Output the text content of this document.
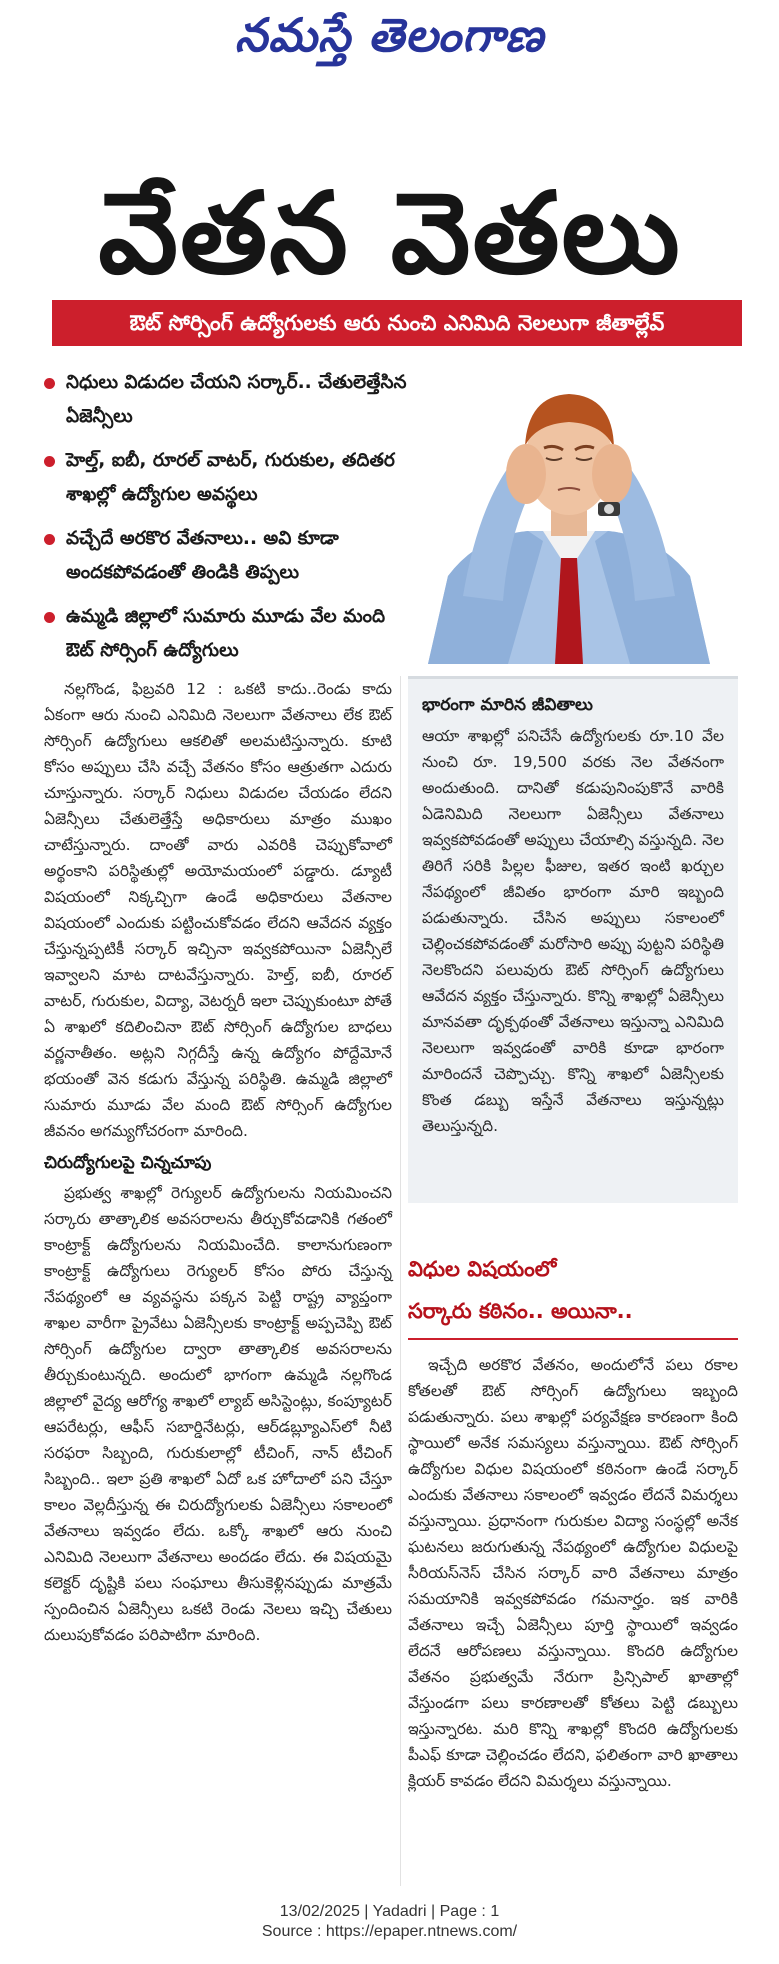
నమస్తే తెలంగాణ
వేతన వెతలు
ఔట్ సోర్సింగ్ ఉద్యోగులకు ఆరు నుంచి ఎనిమిది నెలలుగా జీతాల్లేవ్
నిధులు విడుదల చేయని సర్కార్.. చేతులెత్తేసిన ఏజెన్సీలు
హెల్త్, ఐబీ, రూరల్ వాటర్, గురుకుల, తదితర శాఖల్లో ఉద్యోగుల అవస్థలు
వచ్చేదే అరకొర వేతనాలు.. అవి కూడా అందకపోవడంతో తిండికి తిప్పలు
ఉమ్మడి జిల్లాలో సుమారు మూడు వేల మంది ఔట్ సోర్సింగ్ ఉద్యోగులు
నల్లగొండ, ఫిబ్రవరి 12 : ఒకటి కాదు..రెండు కాదు ఏకంగా ఆరు నుంచి ఎనిమిది నెలలుగా వేతనాలు లేక ఔట్ సోర్సింగ్ ఉద్యోగులు ఆకలితో అలమటిస్తున్నారు. కూటి కోసం అప్పులు చేసి వచ్చే వేతనం కోసం ఆత్రుతగా ఎదురు చూస్తున్నారు. సర్కార్ నిధులు విడుదల చేయడం లేదని ఏజెన్సీలు చేతులెత్తేస్తే అధికారులు మాత్రం ముఖం చాటేస్తున్నారు. దాంతో వారు ఎవరికి చెప్పుకోవాలో అర్థంకాని పరిస్థితుల్లో అయోమయంలో పడ్డారు. డ్యూటీ విషయంలో నిక్కచ్చిగా ఉండే అధికారులు వేతనాల విషయంలో ఎందుకు పట్టించుకోవడం లేదని ఆవేదన వ్యక్తం చేస్తున్నప్పటికీ సర్కార్ ఇచ్చినా ఇవ్వకపోయినా ఏజెన్సీలే ఇవ్వాలని మాట దాటవేస్తున్నారు. హెల్త్, ఐబీ, రూరల్ వాటర్, గురుకుల, విద్యా, వెటర్నరీ ఇలా చెప్పుకుంటూ పోతే ఏ శాఖలో కదిలించినా ఔట్ సోర్సింగ్ ఉద్యోగుల బాధలు వర్ణనాతీతం. అట్లని నిగ్గదీస్తే ఉన్న ఉద్యోగం పోద్దేమోనే భయంతో వెన కడుగు వేస్తున్న పరిస్థితి. ఉమ్మడి జిల్లాలో సుమారు మూడు వేల మంది ఔట్ సోర్సింగ్ ఉద్యోగుల జీవనం అగమ్యగోచరంగా మారింది.
చిరుద్యోగులపై చిన్నచూపు
ప్రభుత్వ శాఖల్లో రెగ్యులర్ ఉద్యోగులను నియమించని సర్కారు తాత్కాలిక అవసరాలను తీర్చుకోవడానికి గతంలో కాంట్రాక్ట్ ఉద్యోగులను నియమించేది. కాలానుగుణంగా కాంట్రాక్ట్ ఉద్యోగులు రెగ్యులర్ కోసం పోరు చేస్తున్న నేపథ్యంలో ఆ వ్యవస్థను పక్కన పెట్టి రాష్ట్ర వ్యాప్తంగా శాఖల వారీగా ప్రైవేటు ఏజెన్సీలకు కాంట్రాక్ట్ అప్పచెప్పి ఔట్ సోర్సింగ్ ఉద్యోగుల ద్వారా తాత్కాలిక అవసరాలను తీర్చుకుంటున్నది. అందులో భాగంగా ఉమ్మడి నల్లగొండ జిల్లాలో వైద్య ఆరోగ్య శాఖలో ల్యాబ్ అసిస్టెంట్లు, కంప్యూటర్ ఆపరేటర్లు, ఆఫీస్ సబార్డినేటర్లు, ఆర్‌డబ్ల్యూఎస్‌లో నీటి సరఫరా సిబ్బంది, గురుకులాల్లో టీచింగ్, నాన్ టీచింగ్ సిబ్బంది.. ఇలా ప్రతి శాఖలో ఏదో ఒక హోదాలో పని చేస్తూ కాలం వెల్లదీస్తున్న ఈ చిరుద్యోగులకు ఏజెన్సీలు సకాలంలో వేతనాలు ఇవ్వడం లేదు. ఒక్కో శాఖలో ఆరు నుంచి ఎనిమిది నెలలుగా వేతనాలు అందడం లేదు. ఈ విషయమై కలెక్టర్ దృష్టికి పలు సంఘాలు తీసుకెళ్లినప్పుడు మాత్రమే స్పందించిన ఏజెన్సీలు ఒకటి రెండు నెలలు ఇచ్చి చేతులు దులుపుకోవడం పరిపాటిగా మారింది.
భారంగా మారిన జీవితాలు
ఆయా శాఖల్లో పనిచేసే ఉద్యోగులకు రూ.10 వేల నుంచి రూ. 19,500 వరకు నెల వేతనంగా అందుతుంది. దానితో కడుపునింపుకొనే వారికి ఏడెనిమిది నెలలుగా ఏజెన్సీలు వేతనాలు ఇవ్వకపోవడంతో అప్పులు చేయాల్సి వస్తున్నది. నెల తిరిగే సరికి పిల్లల ఫీజుల, ఇతర ఇంటి ఖర్చుల నేపథ్యంలో జీవితం భారంగా మారి ఇబ్బంది పడుతున్నారు. చేసిన అప్పులు సకాలంలో చెల్లించకపోవడంతో మరోసారి అప్పు పుట్టని పరిస్థితి నెలకొందని పలువురు ఔట్ సోర్సింగ్ ఉద్యోగులు ఆవేదన వ్యక్తం చేస్తున్నారు. కొన్ని శాఖల్లో ఏజెన్సీలు మానవతా దృక్పథంతో వేతనాలు ఇస్తున్నా ఎనిమిది నెలలుగా ఇవ్వడంతో వారికి కూడా భారంగా మారిందనే చెప్పొచ్చు. కొన్ని శాఖలో ఏజెన్సీలకు కొంత డబ్బు ఇస్తేనే వేతనాలు ఇస్తున్నట్లు తెలుస్తున్నది.
విధుల విషయంలో
సర్కారు కఠినం.. అయినా..
ఇచ్చేది అరకొర వేతనం, అందులోనే పలు రకాల కోతలతో ఔట్ సోర్సింగ్ ఉద్యోగులు ఇబ్బంది పడుతున్నారు. పలు శాఖల్లో పర్యవేక్షణ కారణంగా కింది స్థాయిలో అనేక సమస్యలు వస్తున్నాయి. ఔట్ సోర్సింగ్ ఉద్యోగుల విధుల విషయంలో కఠినంగా ఉండే సర్కార్ ఎందుకు వేతనాలు సకాలంలో ఇవ్వడం లేదనే విమర్శలు వస్తున్నాయి. ప్రధానంగా గురుకుల విద్యా సంస్థల్లో అనేక ఘటనలు జరుగుతున్న నేపథ్యంలో ఉద్యోగుల విధులపై సీరియస్‌నెస్ చేసిన సర్కార్ వారి వేతనాలు మాత్రం సమయానికి ఇవ్వకపోవడం గమనార్హం. ఇక వారికి వేతనాలు ఇచ్చే ఏజెన్సీలు పూర్తి స్థాయిలో ఇవ్వడం లేదనే ఆరోపణలు వస్తున్నాయి. కొందరి ఉద్యోగుల వేతనం ప్రభుత్వమే నేరుగా ప్రిన్సిపాల్ ఖాతాల్లో వేస్తుండగా పలు కారణాలతో కోతలు పెట్టి డబ్బులు ఇస్తున్నారట. మరి కొన్ని శాఖల్లో కొందరి ఉద్యోగులకు పీఎఫ్ కూడా చెల్లించడం లేదని, ఫలితంగా వారి ఖాతాలు క్లియర్ కావడం లేదని విమర్శలు వస్తున్నాయి.
13/02/2025 | Yadadri | Page : 1
Source : https://epaper.ntnews.com/
